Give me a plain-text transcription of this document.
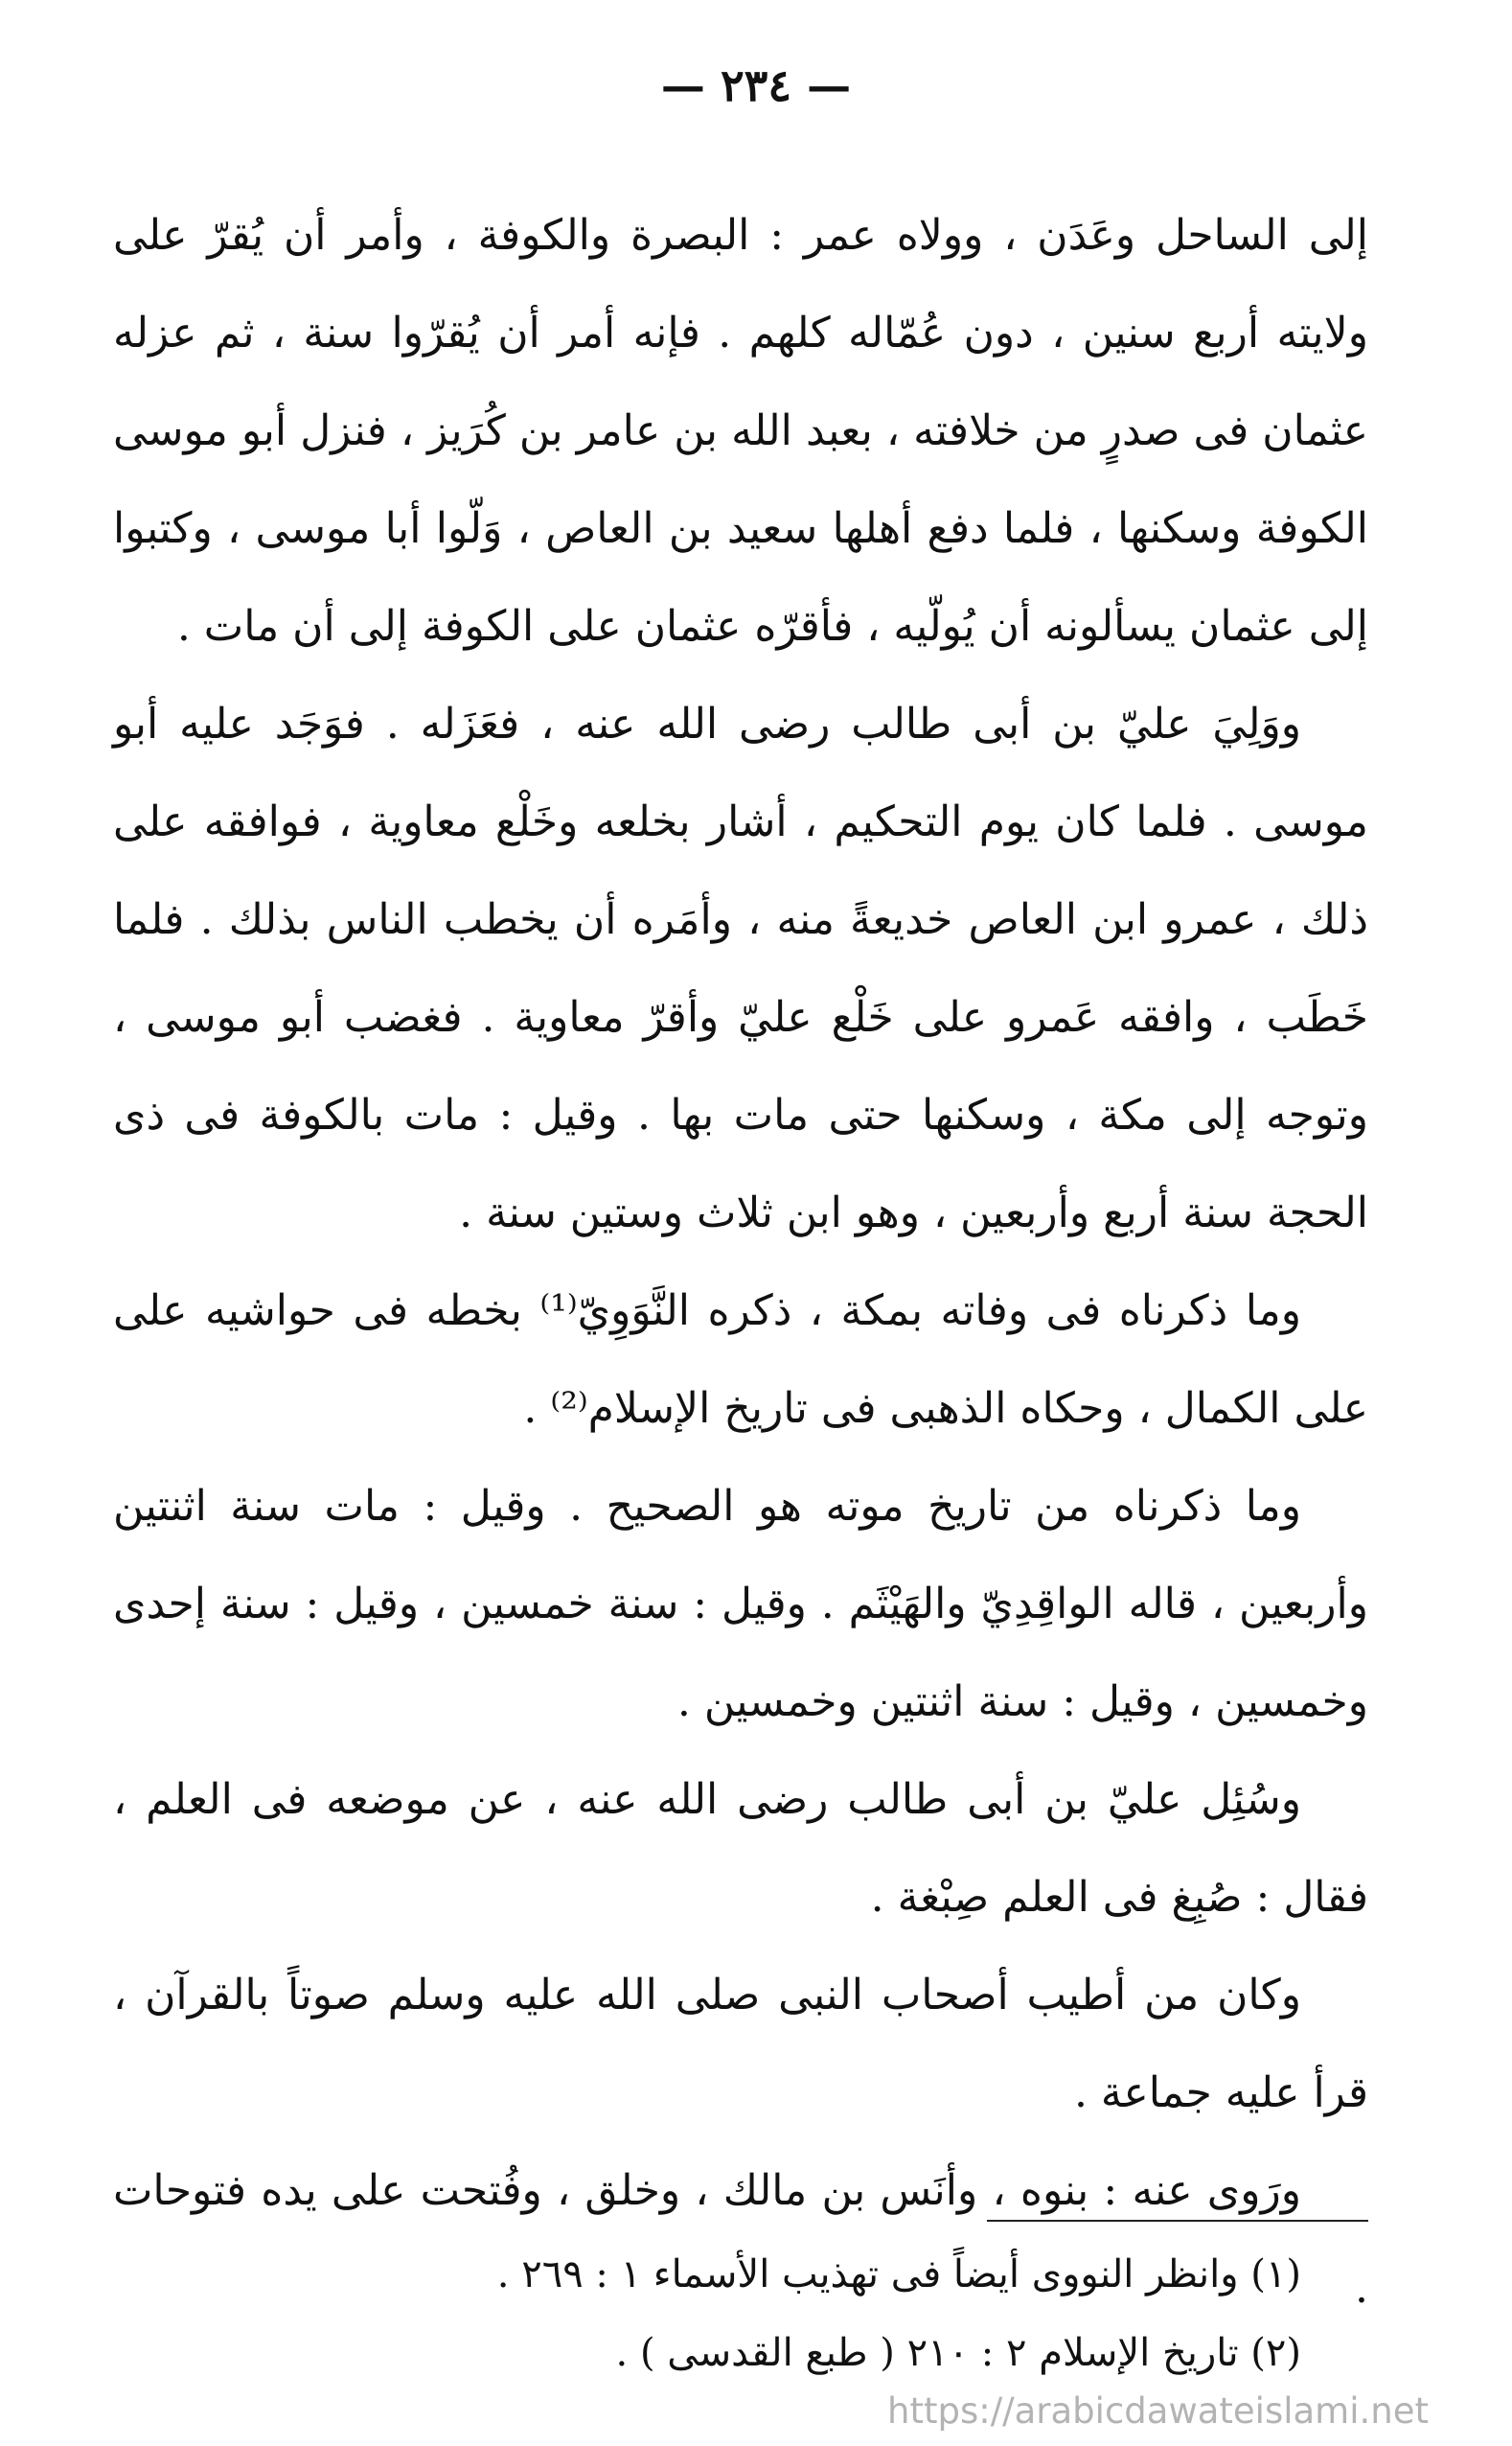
— ٢٣٤ —

إلى الساحل وعَدَن ، وولاه عمر : البصرة والكوفة ، وأمر أن يُقرّ على ولايته أربع سنين ، دون عُمّاله كلهم . فإنه أمر أن يُقرّوا سنة ، ثم عزله عثمان فى صدرٍ من خلافته ، بعبد الله بن عامر بن كُرَيز ، فنزل أبو موسى الكوفة وسكنها ، فلما دفع أهلها سعيد بن العاص ، وَلّوا أبا موسى ، وكتبوا إلى عثمان يسألونه أن يُولّيه ، فأقرّه عثمان على الكوفة إلى أن مات .

ووَلِيَ عليّ بن أبى طالب رضى الله عنه ، فعَزَله . فوَجَد عليه أبو موسى . فلما كان يوم التحكيم ، أشار بخلعه وخَلْع معاوية ، فوافقه على ذلك ، عمرو ابن العاص خديعةً منه ، وأمَره أن يخطب الناس بذلك . فلما خَطَب ، وافقه عَمرو على خَلْع عليّ وأقرّ معاوية . فغضب أبو موسى ، وتوجه إلى مكة ، وسكنها حتى مات بها . وقيل : مات بالكوفة فى ذى الحجة سنة أربع وأربعين ، وهو ابن ثلاث وستين سنة .

وما ذكرناه فى وفاته بمكة ، ذكره النَّوَوِيّ⁽¹⁾ بخطه فى حواشيه على على الكمال ، وحكاه الذهبى فى تاريخ الإسلام⁽²⁾ .

وما ذكرناه من تاريخ موته هو الصحيح . وقيل : مات سنة اثنتين وأربعين ، قاله الواقِدِيّ والهَيْثَم . وقيل : سنة خمسين ، وقيل : سنة إحدى وخمسين ، وقيل : سنة اثنتين وخمسين .

وسُئِل عليّ بن أبى طالب رضى الله عنه ، عن موضعه فى العلم ، فقال : صُبِغ فى العلم صِبْغة .

وكان من أطيب أصحاب النبى صلى الله عليه وسلم صوتاً بالقرآن ، قرأ عليه جماعة .

ورَوى عنه : بنوه ، وأنَس بن مالك ، وخلق ، وفُتحت على يده فتوحات .

(١) وانظر النووى أيضاً فى تهذيب الأسماء ١ : ٢٦٩ .

(٢) تاريخ الإسلام ٢ : ٢١٠ ( طبع القدسى ) .

https://arabicdawateislami.net
